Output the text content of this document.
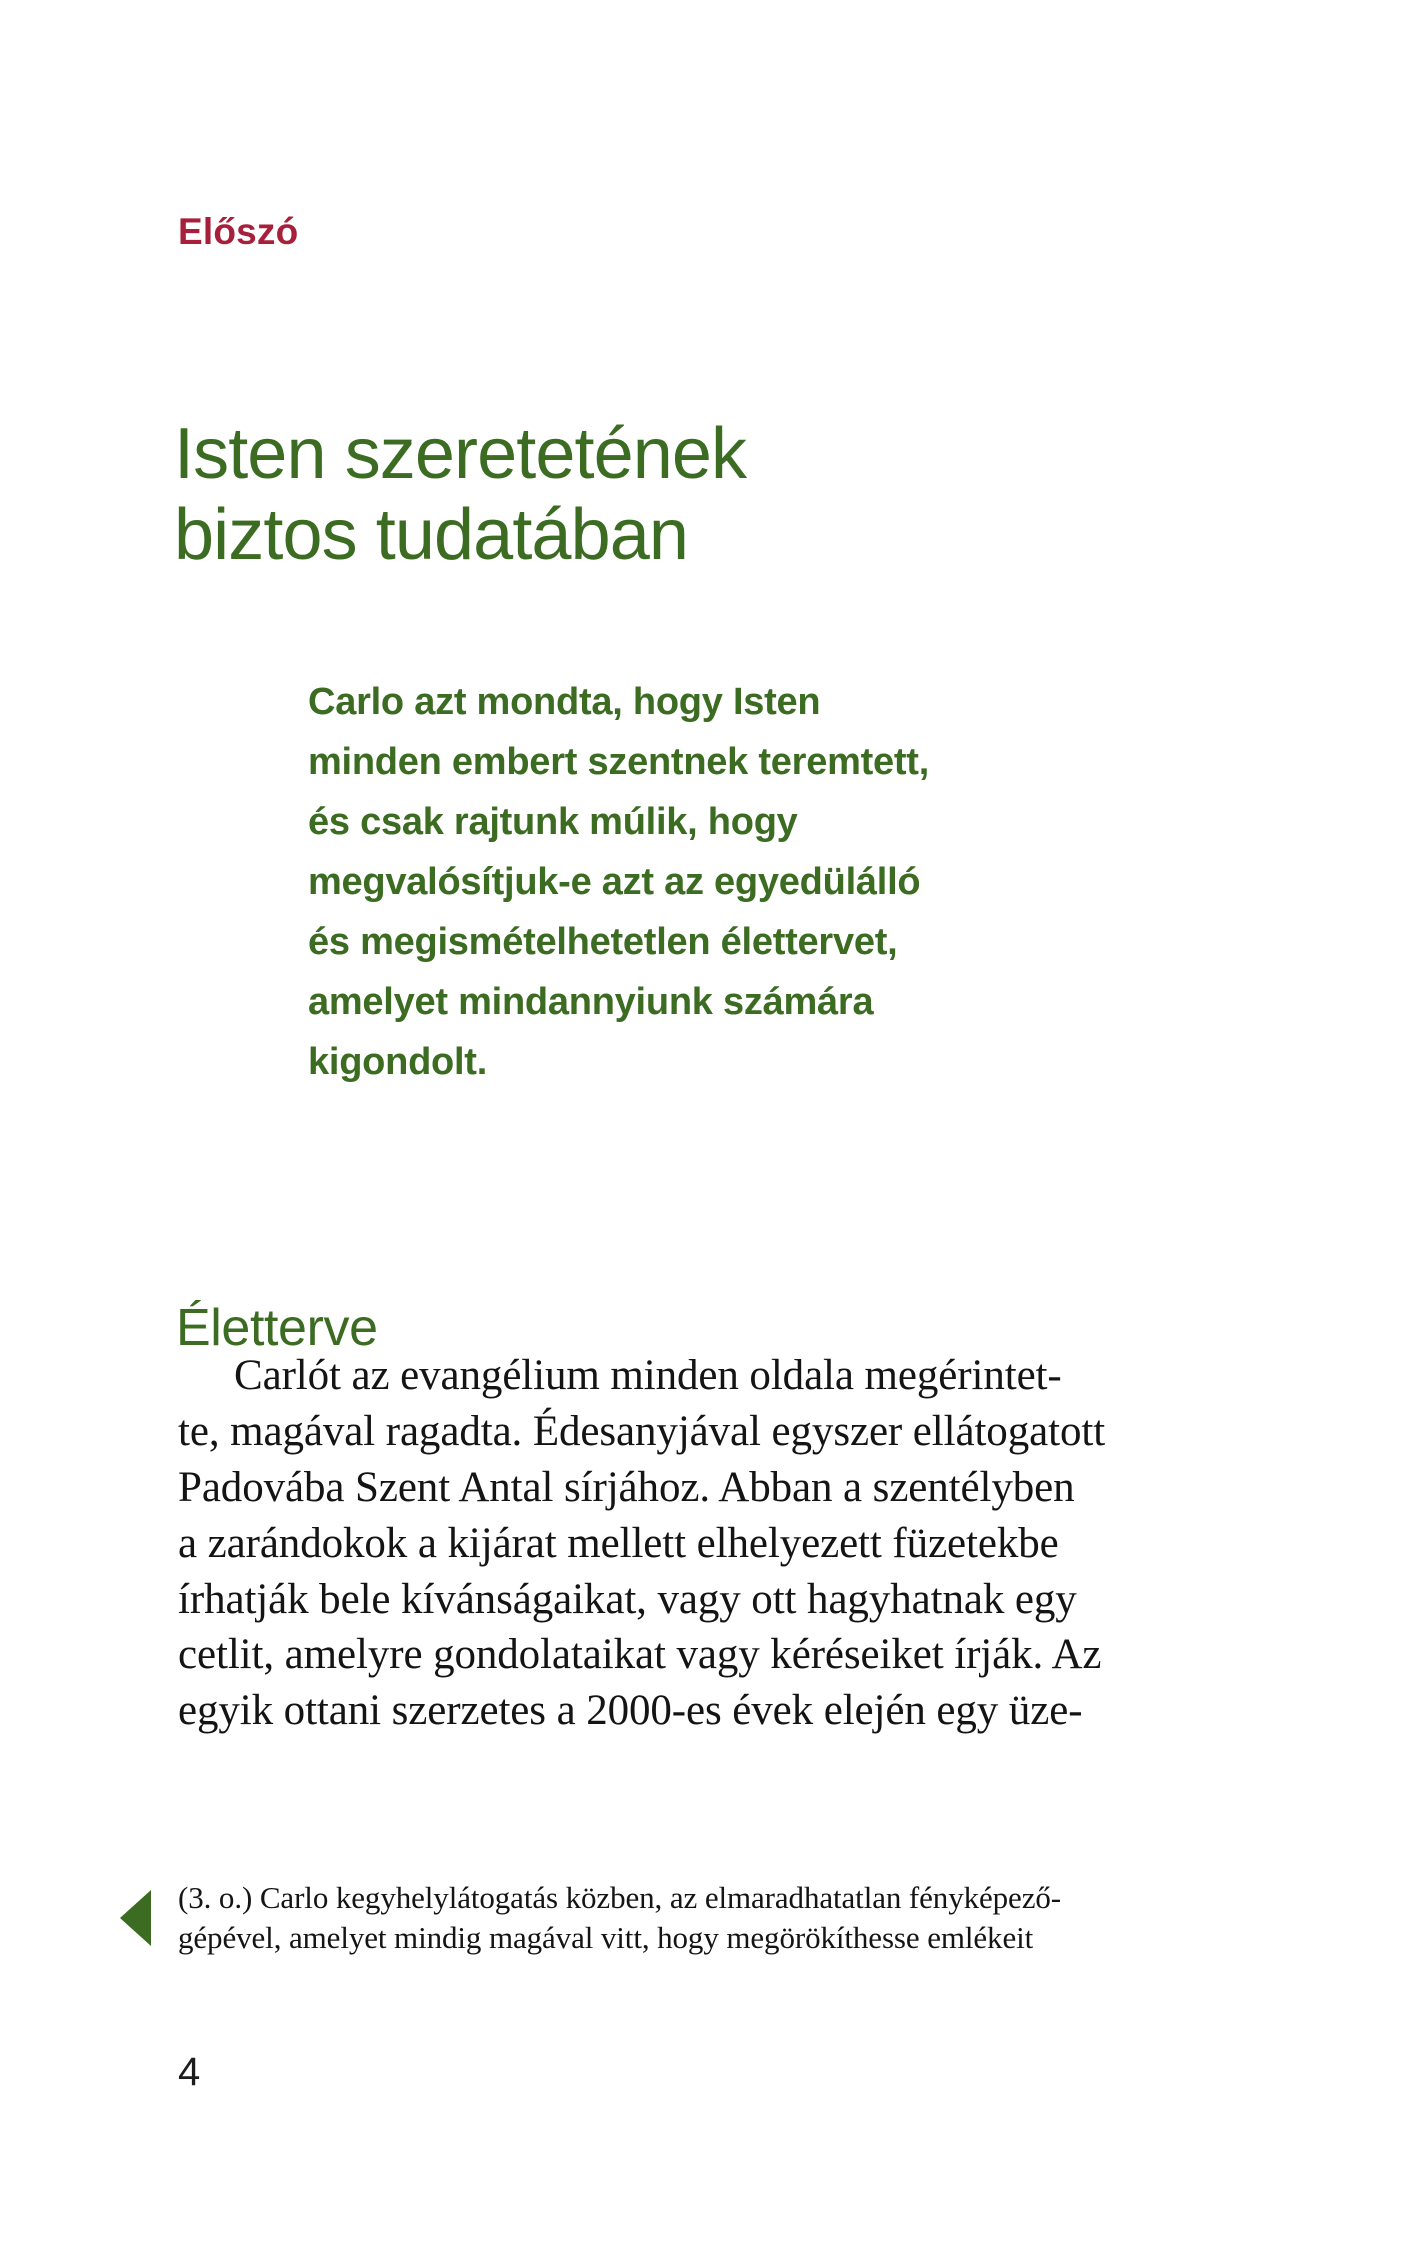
Előszó
Isten szeretetének
biztos tudatában
Carlo azt mondta, hogy Isten
minden embert szentnek teremtett,
és csak rajtunk múlik, hogy
megvalósítjuk-e azt az egyedülálló
és megismételhetetlen élettervet,
amelyet mindannyiunk számára
kigondolt.
Életterve
Carlót az evangélium minden oldala megérintet-
te, magával ragadta. Édesanyjával egyszer ellátogatott
Padovába Szent Antal sírjához. Abban a szentélyben
a zarándokok a kijárat mellett elhelyezett füzetekbe
írhatják bele kívánságaikat, vagy ott hagyhatnak egy
cetlit, amelyre gondolataikat vagy kéréseiket írják. Az
egyik ottani szerzetes a 2000-es évek elején egy üze-
(3. o.) Carlo kegyhelylátogatás közben, az elmaradhatatlan fényképező-
gépével, amelyet mindig magával vitt, hogy megörökíthesse emlékeit
4
